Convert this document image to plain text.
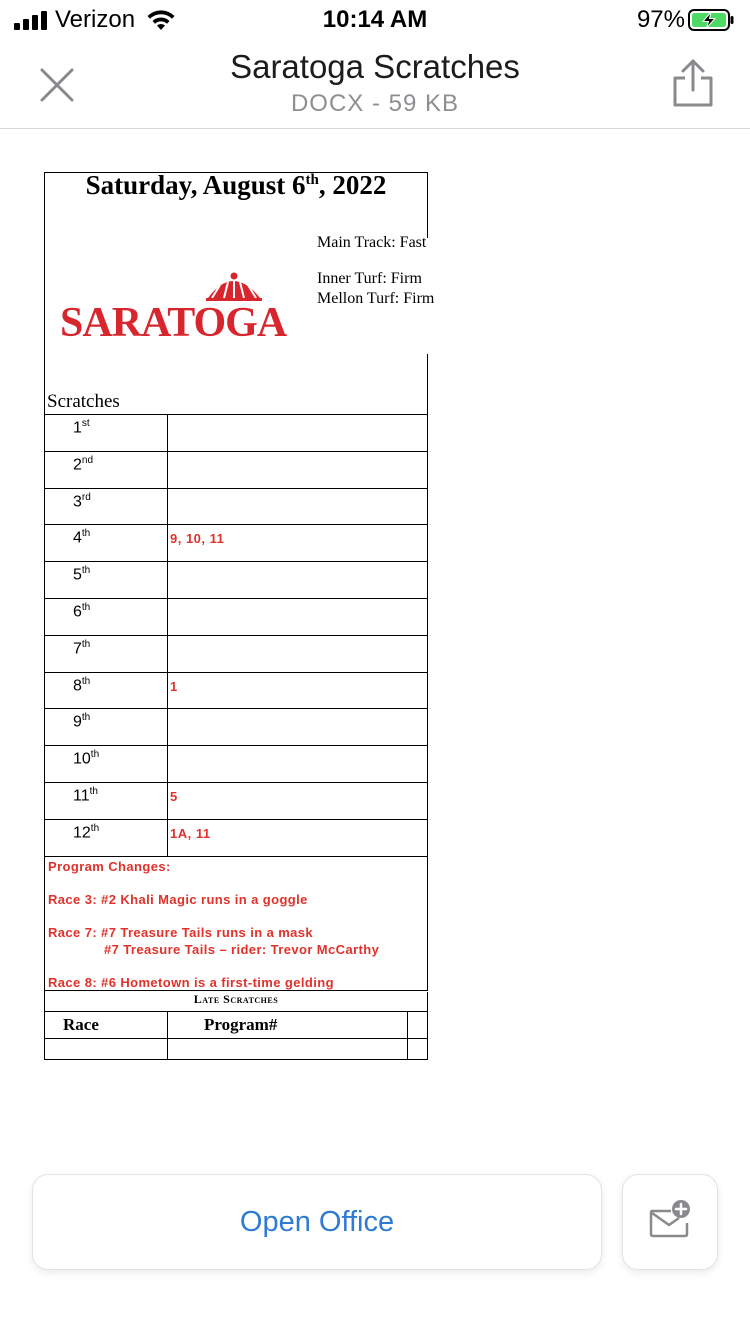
Verizon	10:14 AM	97%
Saratoga Scratches
DOCX - 59 KB
Saturday, August 6th, 2022
Main Track: Fast
Inner Turf: Firm
Mellon Turf: Firm
SARATOGA
Scratches
1st	
2nd	
3rd	
4th	9, 10, 11
5th	
6th	
7th	
8th	1
9th	
10th	
11th	5
12th	1A, 11
Program Changes:
Race 3: #2 Khali Magic runs in a goggle
Race 7: #7 Treasure Tails runs in a mask
#7 Treasure Tails – rider: Trevor McCarthy
Race 8: #6 Hometown is a first-time gelding
Late Scratches
Race	Program#	

Open Office
